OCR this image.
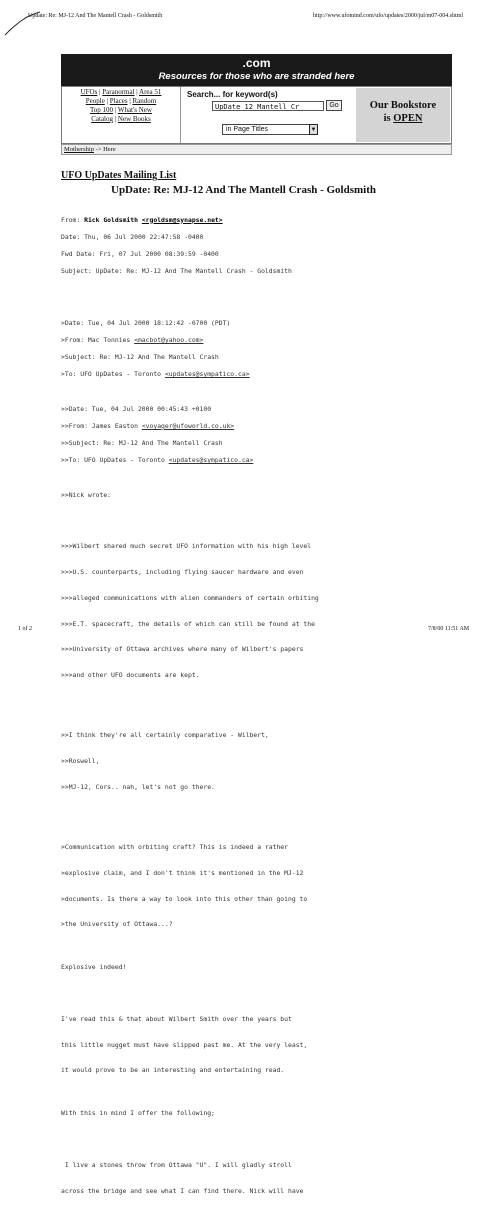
Update: Re: MJ-12 And The Mantell Crash - Goldsmith	http://www.ufomind.com/ufo/updates/2000/jul/m07-004.shtml
.com
Resources for those who are stranded here
UFOs | Paranormal | Area 51
People | Places | Random
Top 100 | What's New
Catalog | New Books
Search... for keyword(s)
UpDate 12 Mantell Cr	Go
in Page Titles	▼
Our Bookstore
is OPEN
Mothership -> Here
UFO UpDates Mailing List
UpDate: Re: MJ-12 And The Mantell Crash - Goldsmith

From: Rick Goldsmith <rgoldsm@synapse.net>

Date: Thu, 06 Jul 2000 22:47:58 -0400

Fwd Date: Fri, 07 Jul 2000 08:39:59 -0400

Subject: UpDate: Re: MJ-12 And The Mantell Crash - Goldsmith

>Date: Tue, 04 Jul 2000 18:12:42 -0700 (PDT)

>From: Mac Tonnies <macbot@yahoo.com>

>Subject: Re: MJ-12 And The Mantell Crash

>To: UFO UpDates - Toronto <updates@sympatico.ca>

>>Date: Tue, 04 Jul 2000 00:45:43 +0100

>>From: James Easton <voyager@ufoworld.co.uk>

>>Subject: Re: MJ-12 And The Mantell Crash

>>To: UFO UpDates - Toronto <updates@sympatico.ca>

>>Nick wrote:

>>>Wilbert shared much secret UFO information with his high level

>>>U.S. counterparts, including flying saucer hardware and even

>>>alleged communications with alien commanders of certain orbiting

>>>E.T. spacecraft, the details of which can still be found at the

>>>University of Ottawa archives where many of Wilbert's papers

>>>and other UFO documents are kept.

>>I think they're all certainly comparative - Wilbert,

>>Roswell,

>>MJ-12, Cors.. nah, let's not go there.

>Communication with orbiting craft? This is indeed a rather

>explosive claim, and I don't think it's mentioned in the MJ-12

>documents. Is there a way to look into this other than going to

>the University of Ottawa...?

Explosive indeed!

I've read this & that about Wilbert Smith over the years but

this little nugget must have slipped past me. At the very least,

it would prove to be an interesting and entertaining read.

With this in mind I offer the following;

I live a stones throw from Ottawa "U". I will gladly stroll

across the bridge and see what I can find there. Nick will have

1 of 2	7/8/00 11:51 AM
